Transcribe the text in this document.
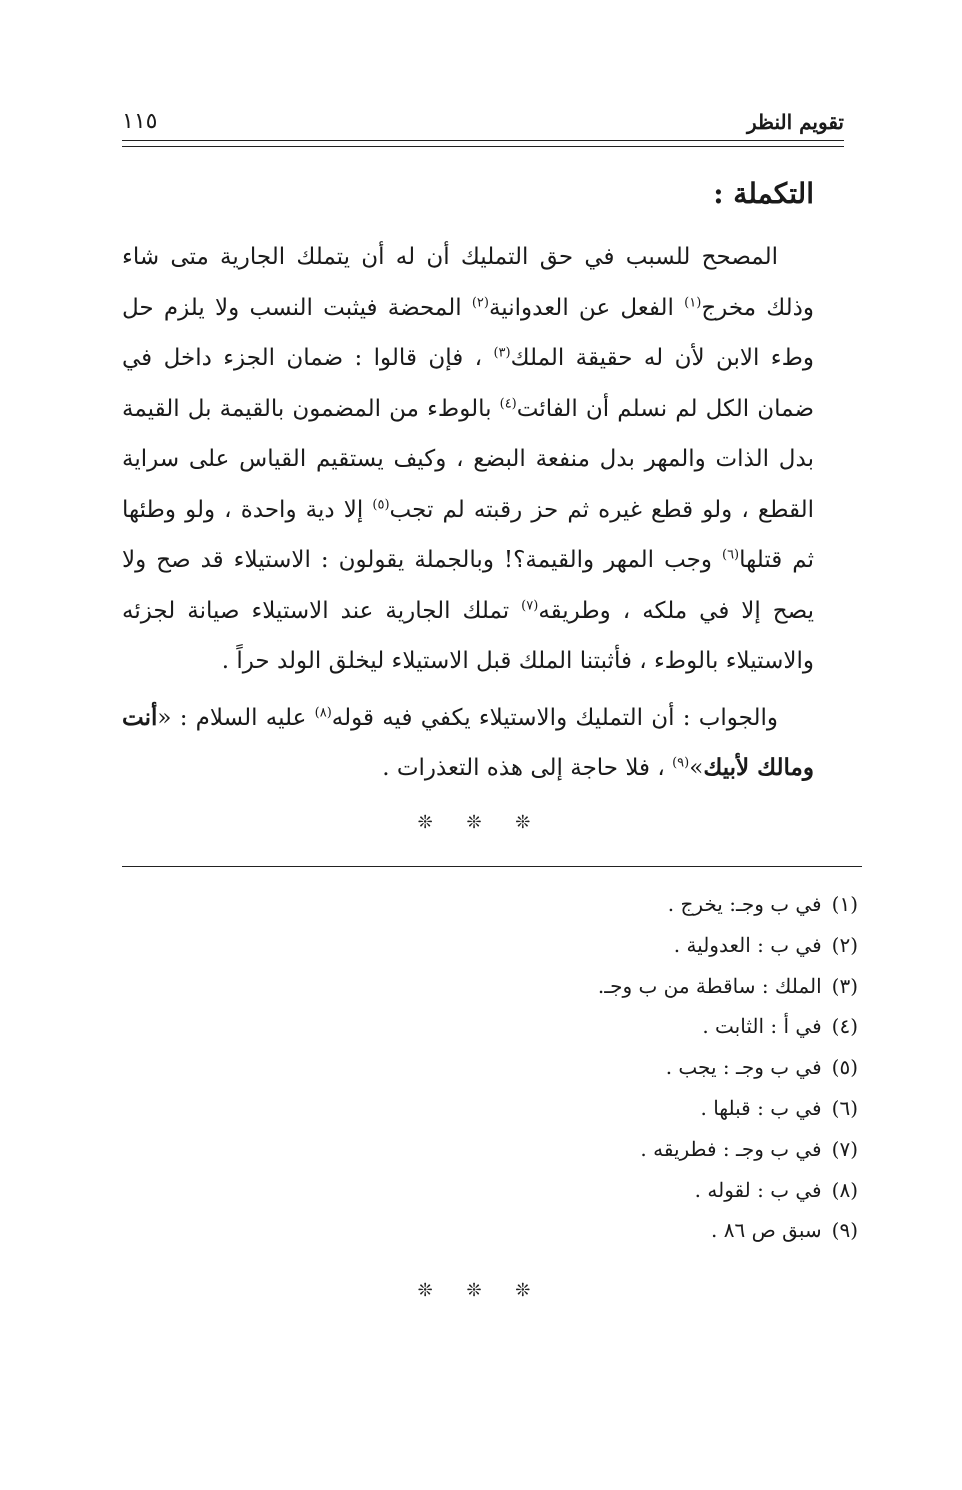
تقويم النظر
١١٥
التكملة :

المصحح للسبب في حق التمليك أن له أن يتملك الجارية متى شاء وذلك مخرج$^{(١)}$ الفعل عن العدوانية$^{(٢)}$ المحضة فيثبت النسب ولا يلزم حل وطء الابن لأن له حقيقة الملك$^{(٣)}$ ، فإن قالوا : ضمان الجزء داخل في ضمان الكل لم نسلم أن الفائت$^{(٤)}$ بالوطء من المضمون بالقيمة بل القيمة بدل الذات والمهر بدل منفعة البضع ، وكيف يستقيم القياس على سراية القطع ، ولو قطع غيره ثم حز رقبته لم تجب$^{(٥)}$ إلا دية واحدة ، ولو وطئها ثم قتلها$^{(٦)}$ وجب المهر والقيمة؟! وبالجملة يقولون : الاستيلاء قد صح ولا يصح إلا في ملكه ، وطريقه$^{(٧)}$ تملك الجارية عند الاستيلاء صيانة لجزئه والاستيلاء بالوطء ، فأثبتنا الملك قبل الاستيلاء ليخلق الولد حراً .

والجواب : أن التمليك والاستيلاء يكفي فيه قوله$^{(٨)}$ عليه السلام : «أنت ومالك لأبيك»$^{(٩)}$ ، فلا حاجة إلى هذه التعذرات .

❊ ❊ ❊
(١)في ب وجـ: يخرج .
(٢)في ب : العدولية .
(٣)الملك : ساقطة من ب وجـ.
(٤)في أ : الثابت .
(٥)في ب وجـ : يجب .
(٦)في ب : قبلها .
(٧)في ب وجـ : فطريقه .
(٨)في ب : لقوله .
(٩)سبق ص ٨٦ .
❊ ❊ ❊
